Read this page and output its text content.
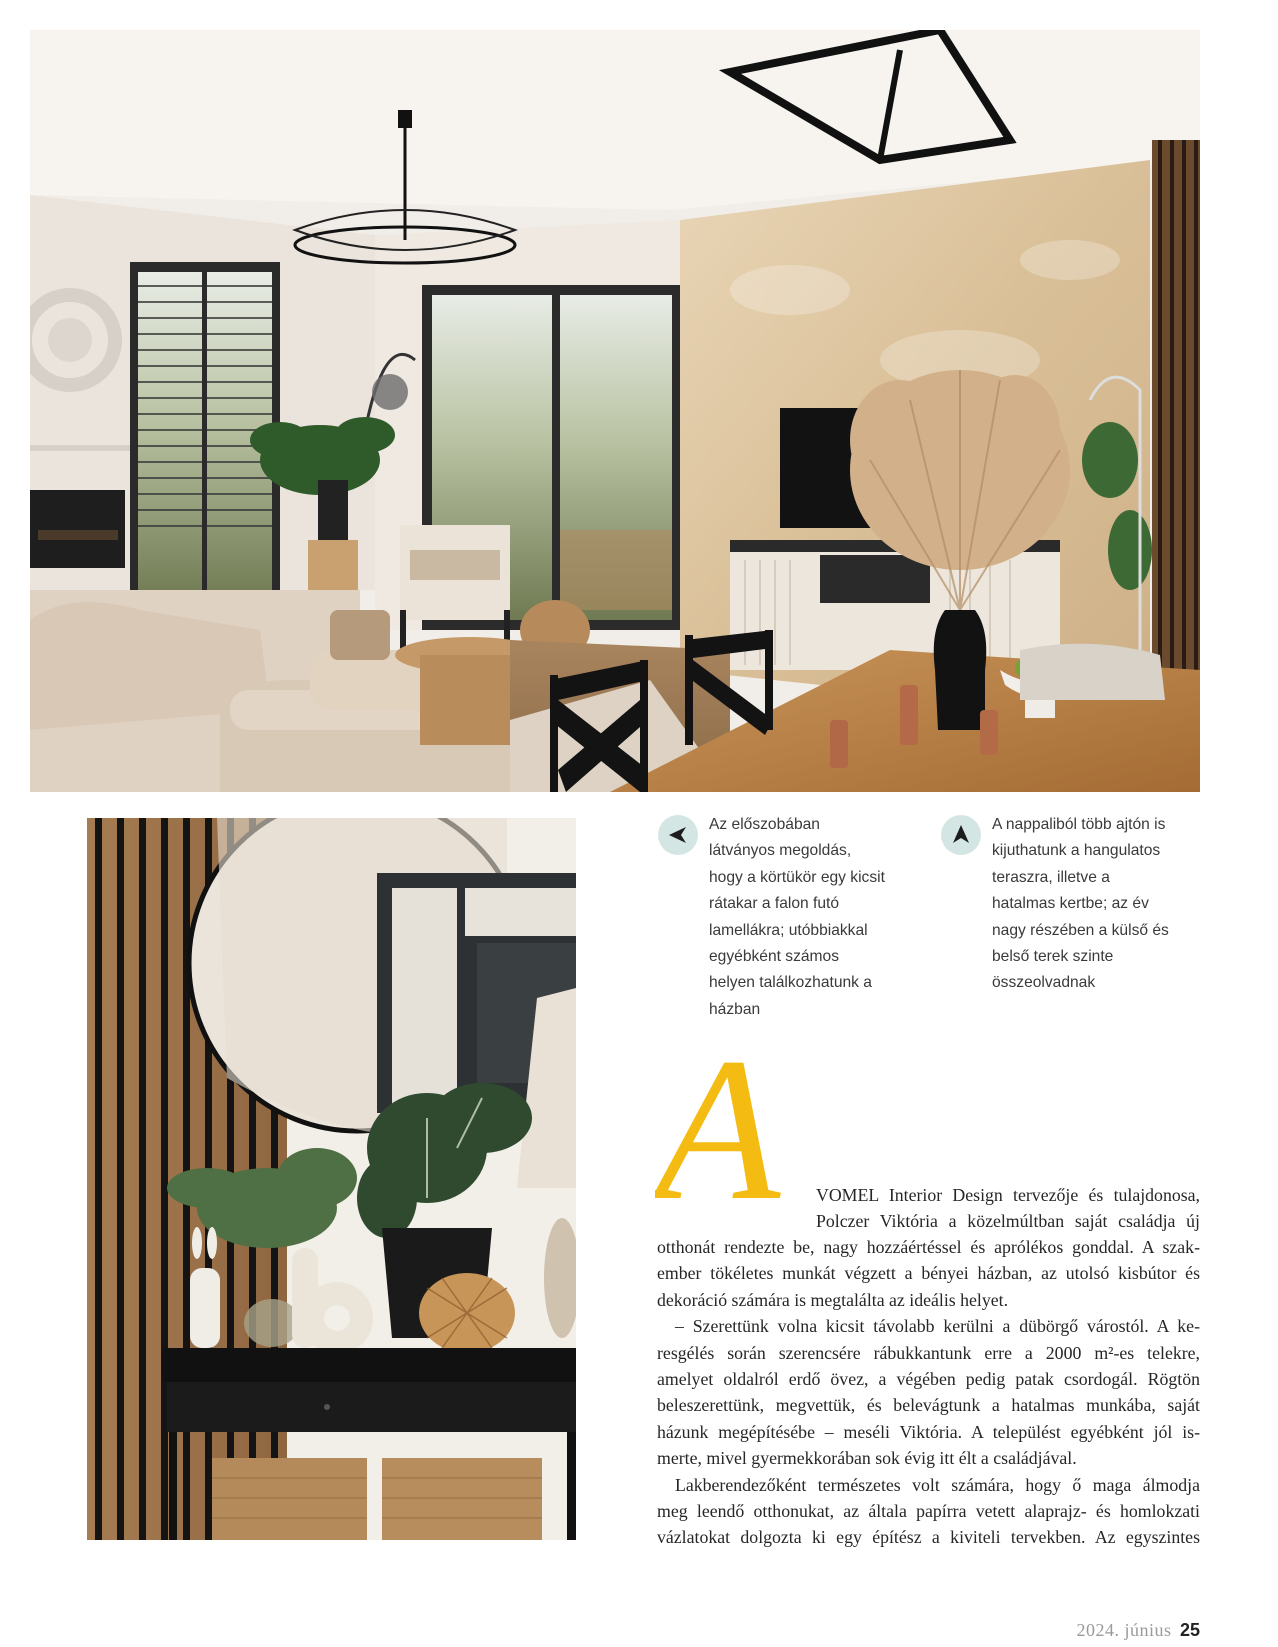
Az előszobában látványos megoldás, hogy a körtükör egy kicsit rátakar a falon futó lamellákra; utóbbiakkal egyébként számos helyen találkozhatunk a házban
A nappaliból több ajtón is kijuthatunk a hangulatos teraszra, illetve a hatalmas kertbe; az év nagy részében a külső és belső terek szinte összeolvadnak
A VOMEL Interior Design tervezője és tulajdonosa,
Polczer Viktória a közelmúltban saját családja új
otthonát rendezte be, nagy hozzáértéssel és aprólékos gonddal. A szak-
ember tökéletes munkát végzett a bényei házban, az utolsó kisbútor és
dekoráció számára is megtalálta az ideális helyet.
– Szerettünk volna kicsit távolabb kerülni a dübörgő várostól. A ke-
resgélés során szerencsére rábukkantunk erre a 2000 m²-es telekre,
amelyet oldalról erdő övez, a végében pedig patak csordogál. Rögtön
beleszerettünk, megvettük, és belevágtunk a hatalmas munkába, saját
házunk megépítésébe – meséli Viktória. A települést egyébként jól is-
merte, mivel gyermekkorában sok évig itt élt a családjával.
Lakberendezőként természetes volt számára, hogy ő maga álmodja
meg leendő otthonukat, az általa papírra vetett alaprajz- és homlokzati
vázlatokat dolgozta ki egy építész a kiviteli tervekben. Az egyszintes
2024. június 25
